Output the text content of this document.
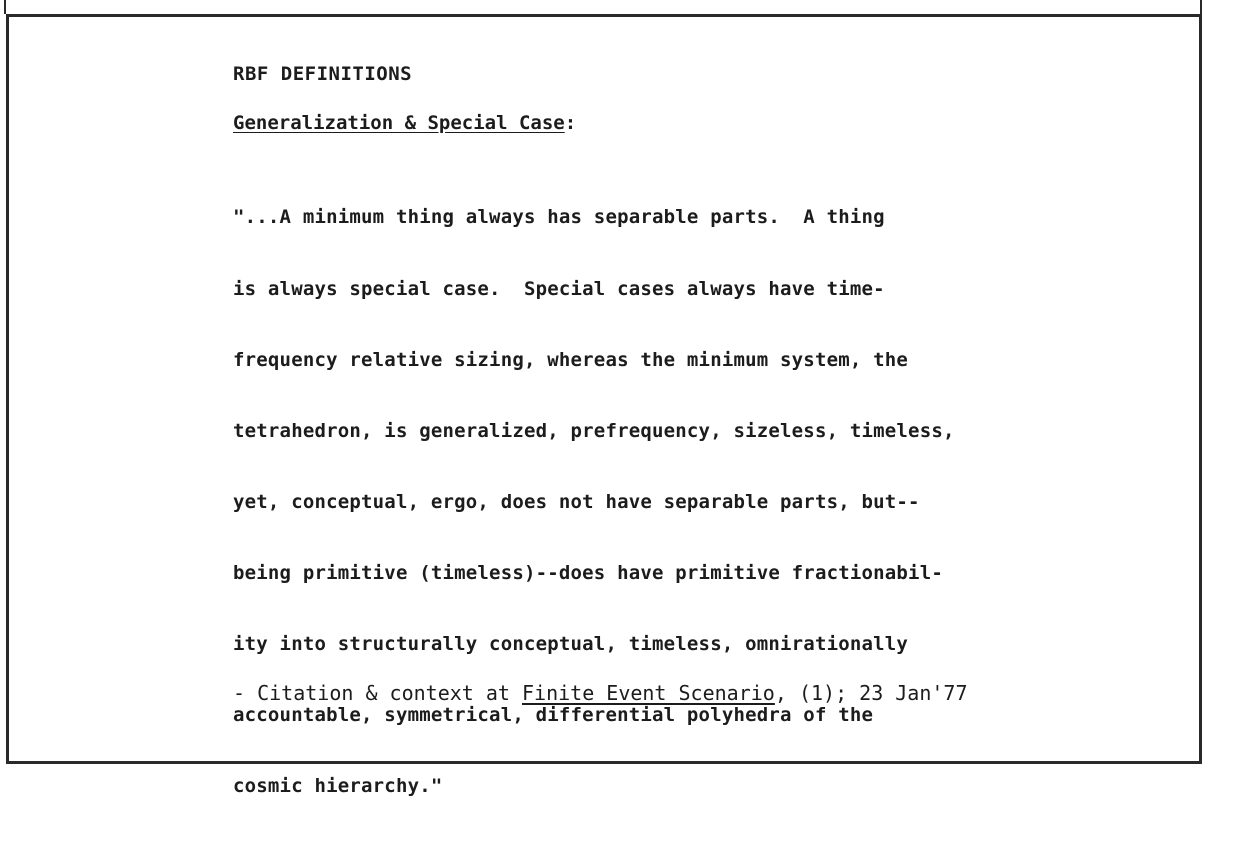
RBF DEFINITIONS

Generalization & Special Case:

"...A minimum thing always has separable parts.  A thing

is always special case.  Special cases always have time-

frequency relative sizing, whereas the minimum system, the

tetrahedron, is generalized, prefrequency, sizeless, timeless,

yet, conceptual, ergo, does not have separable parts, but--

being primitive (timeless)--does have primitive fractionabil-

ity into structurally conceptual, timeless, omnirationally

accountable, symmetrical, differential polyhedra of the

cosmic hierarchy."

- Citation & context at Finite Event Scenario, (1); 23 Jan'77
